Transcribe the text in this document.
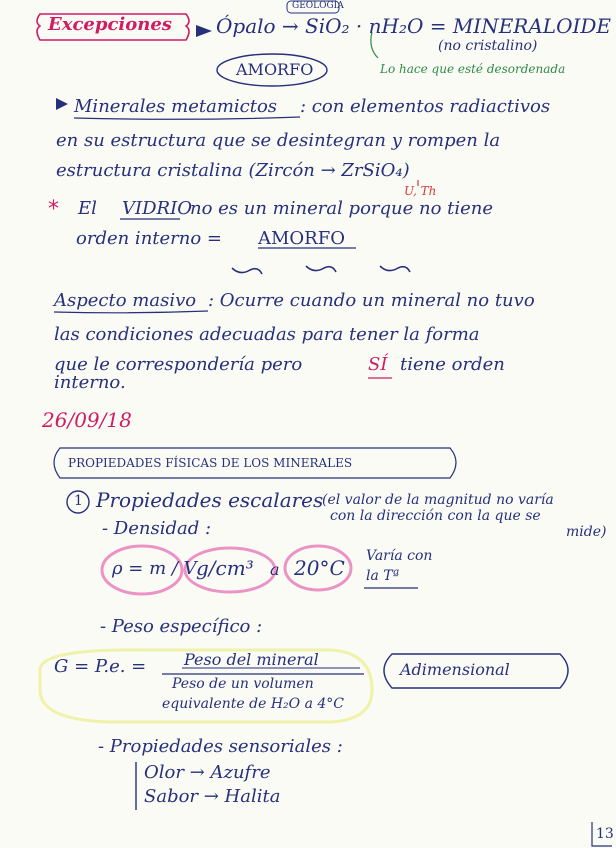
*
Excepciones
GEOLOGÍA
Ópalo → SiO₂ · nH₂O = MINERALOIDE
(no cristalino)
AMORFO	Lo hace que esté desordenada
Minerales metamictos : con elementos radiactivos
en su estructura que se desintegran y rompen la
estructura cristalina (Zircón → ZrSiO₄)
U, Th
El VIDRIO
no es un mineral porque no tiene
orden interno = AMORFO
Aspecto masivo : Ocurre cuando un mineral no tuvo
las condiciones adecuadas para tener la forma
que le correspondería pero	SÍ tiene orden
interno.
26/09/18
PROPIEDADES FÍSICAS DE LOS MINERALES
1 Propiedades escalares
(el valor de la magnitud no varía
con la dirección con la que se
mide)
- Densidad :
ρ = m / V g/cm³ a 20°C Varía con
la Tª
- Peso específico :
G = P.e. = Peso del mineral
Peso de un volumen
equivalente de H₂O a 4°C
Adimensional
- Propiedades sensoriales :
Olor → Azufre
Sabor → Halita
13
